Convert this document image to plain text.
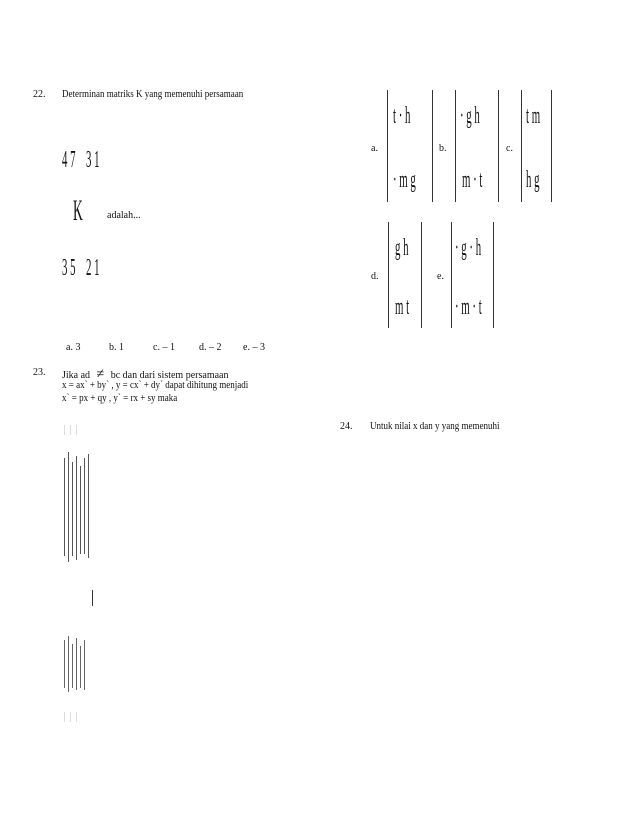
22. Determinan matriks K yang memenuhi persamaan
4 7 3 1
K
3 5 2 1
adalah...
a. 3	b. 1	c. – 1 d. – 2 e. – 3
a.
t · h
· m g
b.
· g h
m · t
c.
t m
h g
d.
g h
m t
e.
· g · h
· m · t
23. Jika ad ≠ bc dan dari sistem persamaan
x = ax` + by` , y = cx` + dy` dapat dihitung menjadi
x` = px + qy , y` = rx + sy maka
24. Untuk nilai x dan y yang memenuhi
